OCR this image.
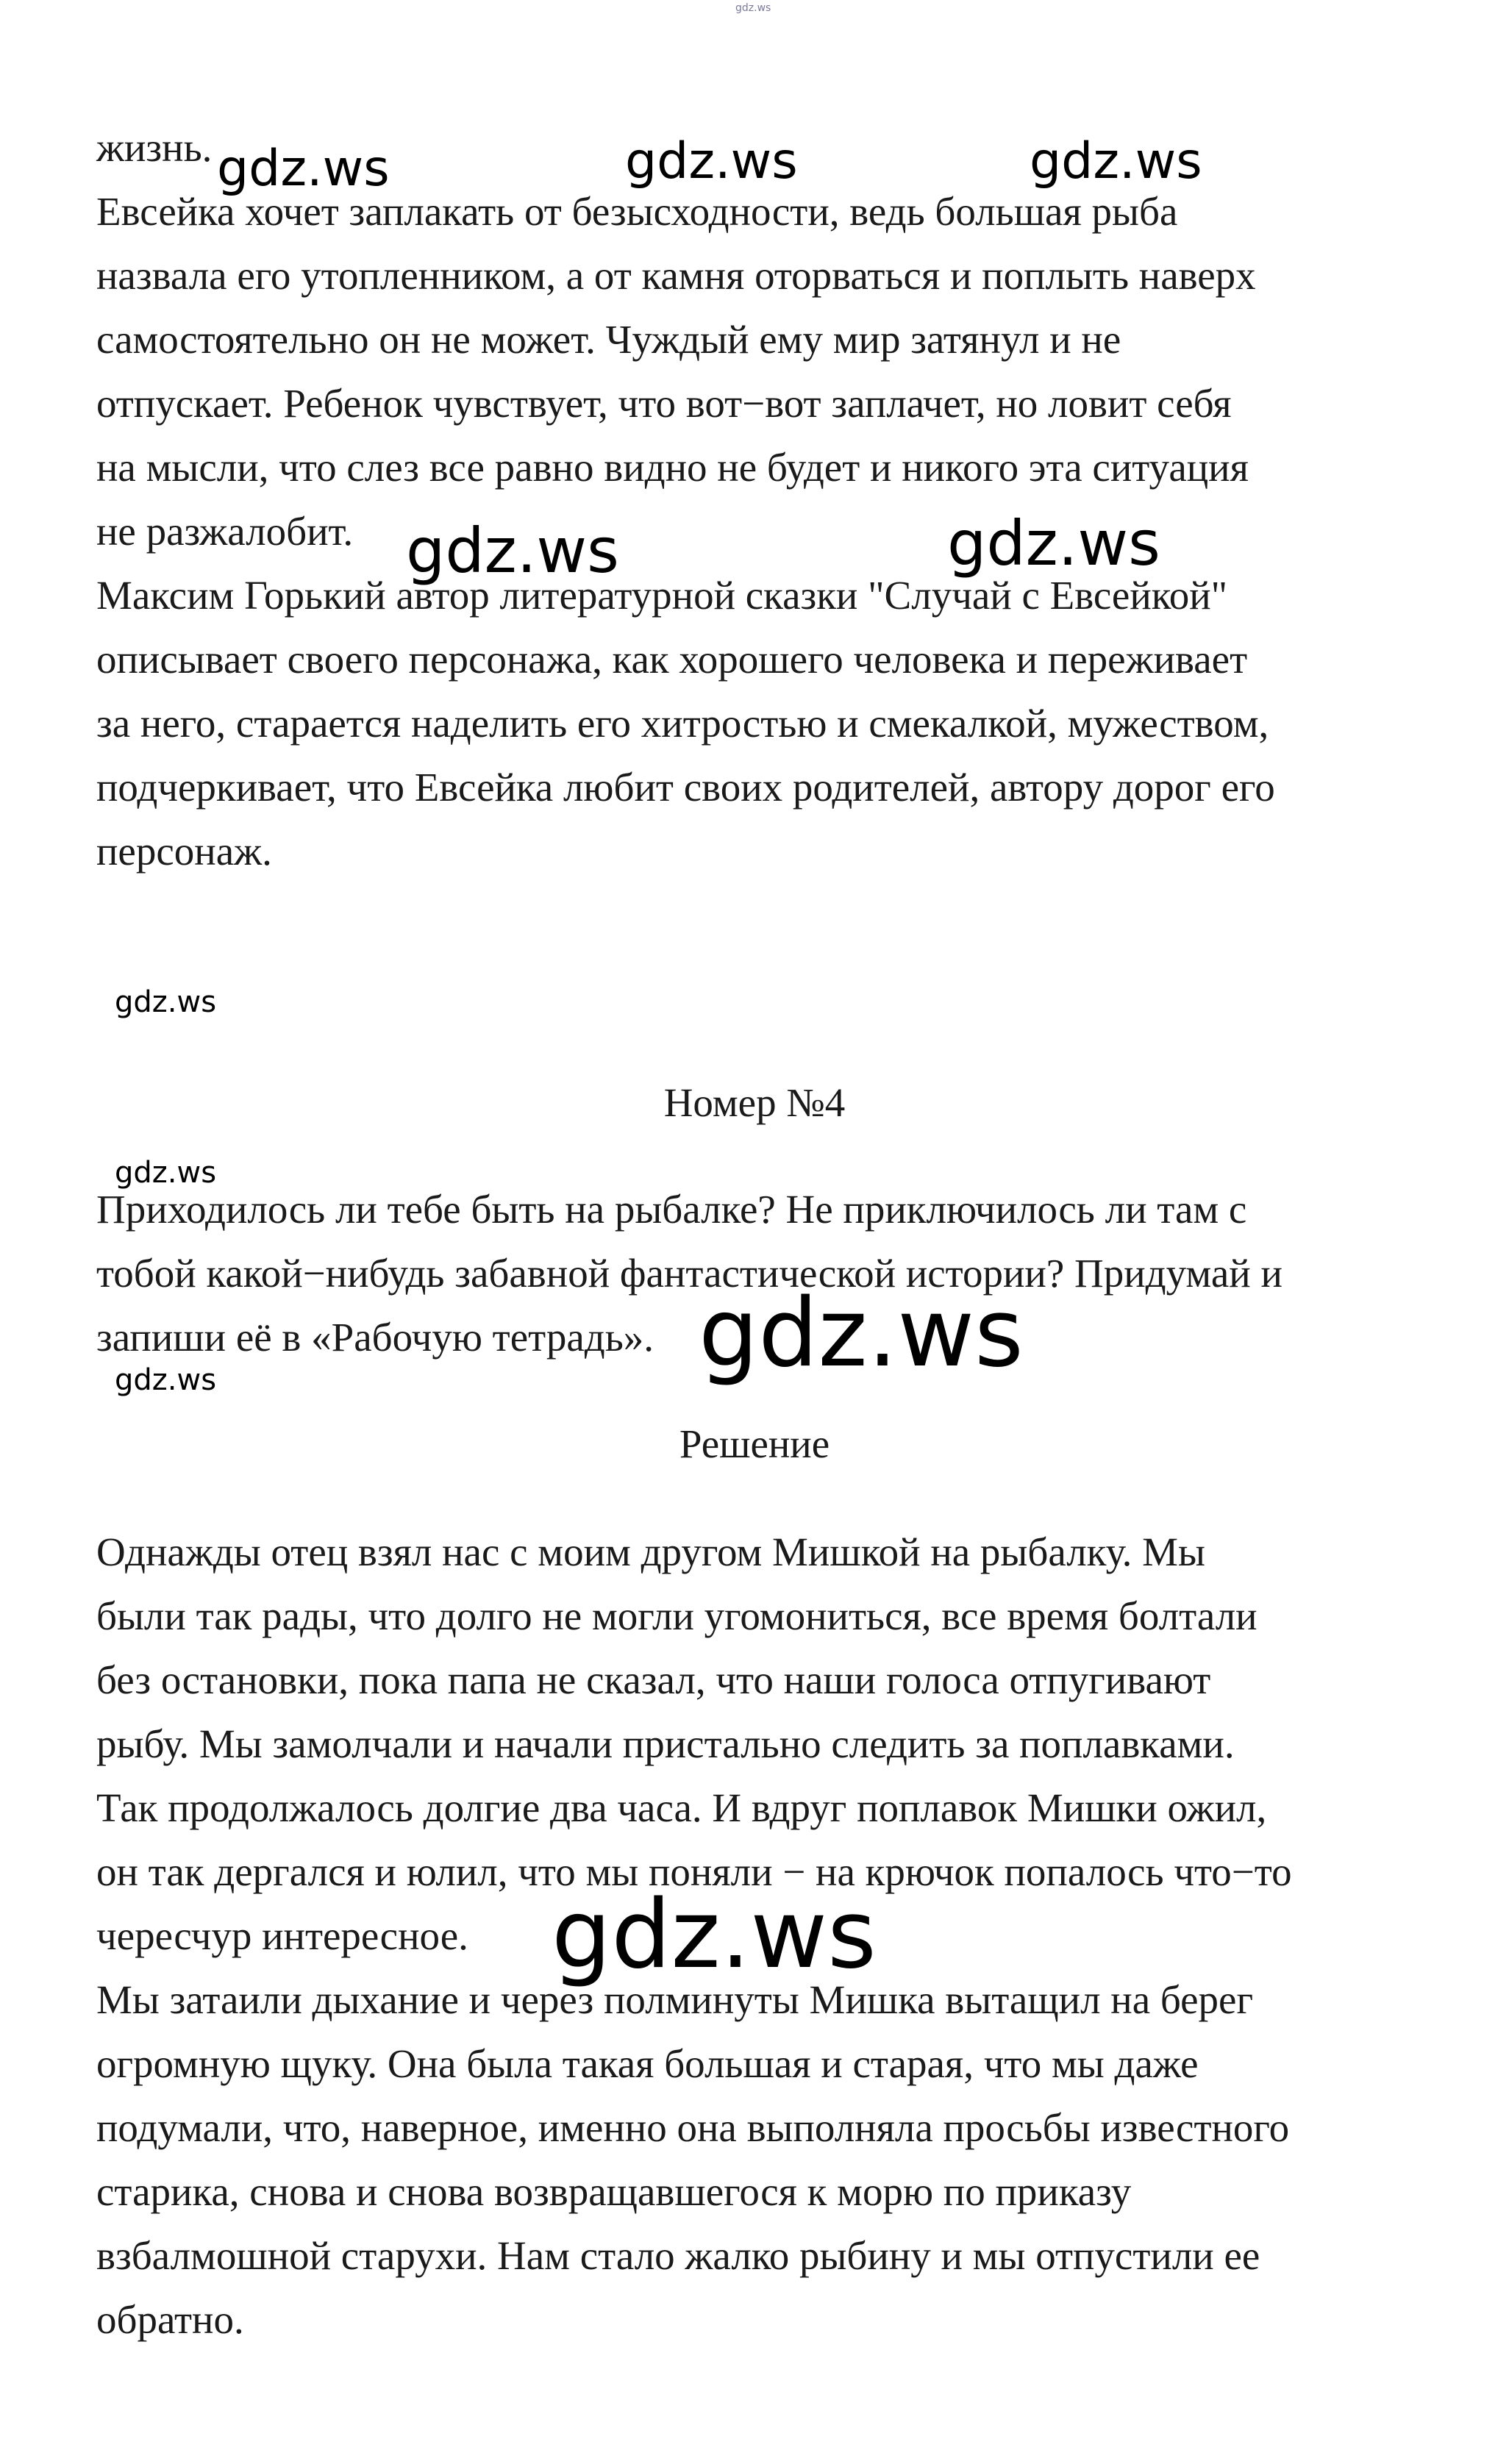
жизнь.
Евсейка хочет заплакать от безысходности, ведь большая рыба
назвала его утопленником, а от камня оторваться и поплыть наверх
самостоятельно он не может. Чуждый ему мир затянул и не
отпускает. Ребенок чувствует, что вот−вот заплачет, но ловит себя
на мысли, что слез все равно видно не будет и никого эта ситуация
не разжалобит.
Максим Горький автор литературной сказки "Случай с Евсейкой"
описывает своего персонажа, как хорошего человека и переживает
за него, старается наделить его хитростью и смекалкой, мужеством,
подчеркивает, что Евсейка любит своих родителей, автору дорог его
персонаж.
Номер №4
Приходилось ли тебе быть на рыбалке? Не приключилось ли там с
тобой какой−нибудь забавной фантастической истории? Придумай и
запиши её в «Рабочую тетрадь».
Решение
Однажды отец взял нас с моим другом Мишкой на рыбалку. Мы
были так рады, что долго не могли угомониться, все время болтали
без остановки, пока папа не сказал, что наши голоса отпугивают
рыбу. Мы замолчали и начали пристально следить за поплавками.
Так продолжалось долгие два часа. И вдруг поплавок Мишки ожил,
он так дергался и юлил, что мы поняли − на крючок попалось что−то
чересчур интересное.
Мы затаили дыхание и через полминуты Мишка вытащил на берег
огромную щуку. Она была такая большая и старая, что мы даже
подумали, что, наверное, именно она выполняла просьбы известного
старика, снова и снова возвращавшегося к морю по приказу
взбалмошной старухи. Нам стало жалко рыбину и мы отпустили ее
обратно.
gdz.ws
gdz.ws	gdz.ws	gdz.ws
gdz.ws	gdz.ws
gdz.ws
gdz.ws
gdz.ws	gdz.ws
gdz.ws
